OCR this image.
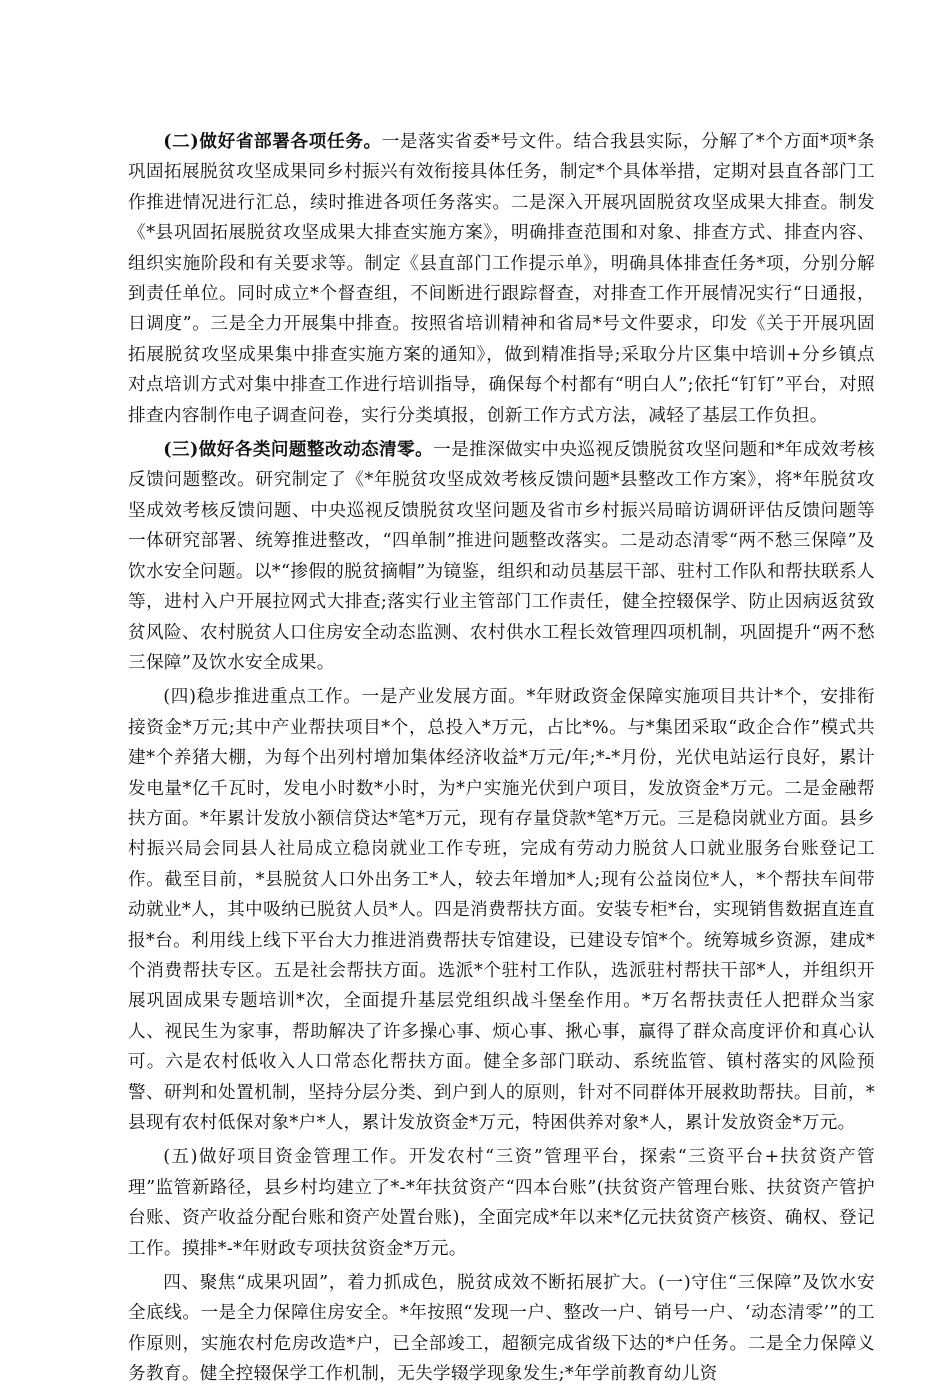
(二)做好省部署各项任务。一是落实省委*号文件。结合我县实际，分解了*个方面*项*条巩固拓展脱贫攻坚成果同乡村振兴有效衔接具体任务，制定*个具体举措，定期对县直各部门工作推进情况进行汇总，续时推进各项任务落实。二是深入开展巩固脱贫攻坚成果大排查。制发《*县巩固拓展脱贫攻坚成果大排查实施方案》，明确排查范围和对象、排查方式、排查内容、组织实施阶段和有关要求等。制定《县直部门工作提示单》，明确具体排查任务*项，分别分解到责任单位。同时成立*个督查组，不间断进行跟踪督查，对排查工作开展情况实行“日通报，日调度”。三是全力开展集中排查。按照省培训精神和省局*号文件要求，印发《关于开展巩固拓展脱贫攻坚成果集中排查实施方案的通知》，做到精准指导;采取分片区集中培训+分乡镇点对点培训方式对集中排查工作进行培训指导，确保每个村都有“明白人”;依托“钉钉”平台，对照排查内容制作电子调查问卷，实行分类填报，创新工作方式方法，减轻了基层工作负担。

(三)做好各类问题整改动态清零。一是推深做实中央巡视反馈脱贫攻坚问题和*年成效考核反馈问题整改。研究制定了《*年脱贫攻坚成效考核反馈问题*县整改工作方案》，将*年脱贫攻坚成效考核反馈问题、中央巡视反馈脱贫攻坚问题及省市乡村振兴局暗访调研评估反馈问题等一体研究部署、统筹推进整改，“四单制”推进问题整改落实。二是动态清零“两不愁三保障”及饮水安全问题。以*“掺假的脱贫摘帽”为镜鉴，组织和动员基层干部、驻村工作队和帮扶联系人等，进村入户开展拉网式大排查;落实行业主管部门工作责任，健全控辍保学、防止因病返贫致贫风险、农村脱贫人口住房安全动态监测、农村供水工程长效管理四项机制，巩固提升“两不愁三保障”及饮水安全成果。

(四)稳步推进重点工作。一是产业发展方面。*年财政资金保障实施项目共计*个，安排衔接资金*万元;其中产业帮扶项目*个，总投入*万元，占比*%。与*集团采取“政企合作”模式共建*个养猪大棚，为每个出列村增加集体经济收益*万元/年;*-*月份，光伏电站运行良好，累计发电量*亿千瓦时，发电小时数*小时，为*户实施光伏到户项目，发放资金*万元。二是金融帮扶方面。*年累计发放小额信贷达*笔*万元，现有存量贷款*笔*万元。三是稳岗就业方面。县乡村振兴局会同县人社局成立稳岗就业工作专班，完成有劳动力脱贫人口就业服务台账登记工作。截至目前，*县脱贫人口外出务工*人，较去年增加*人;现有公益岗位*人，*个帮扶车间带动就业*人，其中吸纳已脱贫人员*人。四是消费帮扶方面。安装专柜*台，实现销售数据直连直报*台。利用线上线下平台大力推进消费帮扶专馆建设，已建设专馆*个。统筹城乡资源，建成*个消费帮扶专区。五是社会帮扶方面。选派*个驻村工作队，选派驻村帮扶干部*人，并组织开展巩固成果专题培训*次，全面提升基层党组织战斗堡垒作用。*万名帮扶责任人把群众当家人、视民生为家事，帮助解决了许多操心事、烦心事、揪心事，赢得了群众高度评价和真心认可。六是农村低收入人口常态化帮扶方面。健全多部门联动、系统监管、镇村落实的风险预警、研判和处置机制，坚持分层分类、到户到人的原则，针对不同群体开展救助帮扶。目前，*县现有农村低保对象*户*人，累计发放资金*万元，特困供养对象*人，累计发放资金*万元。

(五)做好项目资金管理工作。开发农村“三资”管理平台，探索“三资平台+扶贫资产管理”监管新路径，县乡村均建立了*-*年扶贫资产“四本台账”(扶贫资产管理台账、扶贫资产管护台账、资产收益分配台账和资产处置台账)，全面完成*年以来*亿元扶贫资产核资、确权、登记工作。摸排*-*年财政专项扶贫资金*万元。

四、聚焦“成果巩固”，着力抓成色，脱贫成效不断拓展扩大。(一)守住“三保障”及饮水安全底线。一是全力保障住房安全。*年按照“发现一户、整改一户、销号一户、‘动态清零’”的工作原则，实施农村危房改造*户，已全部竣工，超额完成省级下达的*户任务。二是全力保障义务教育。健全控辍保学工作机制，无失学辍学现象发生;*年学前教育幼儿资
